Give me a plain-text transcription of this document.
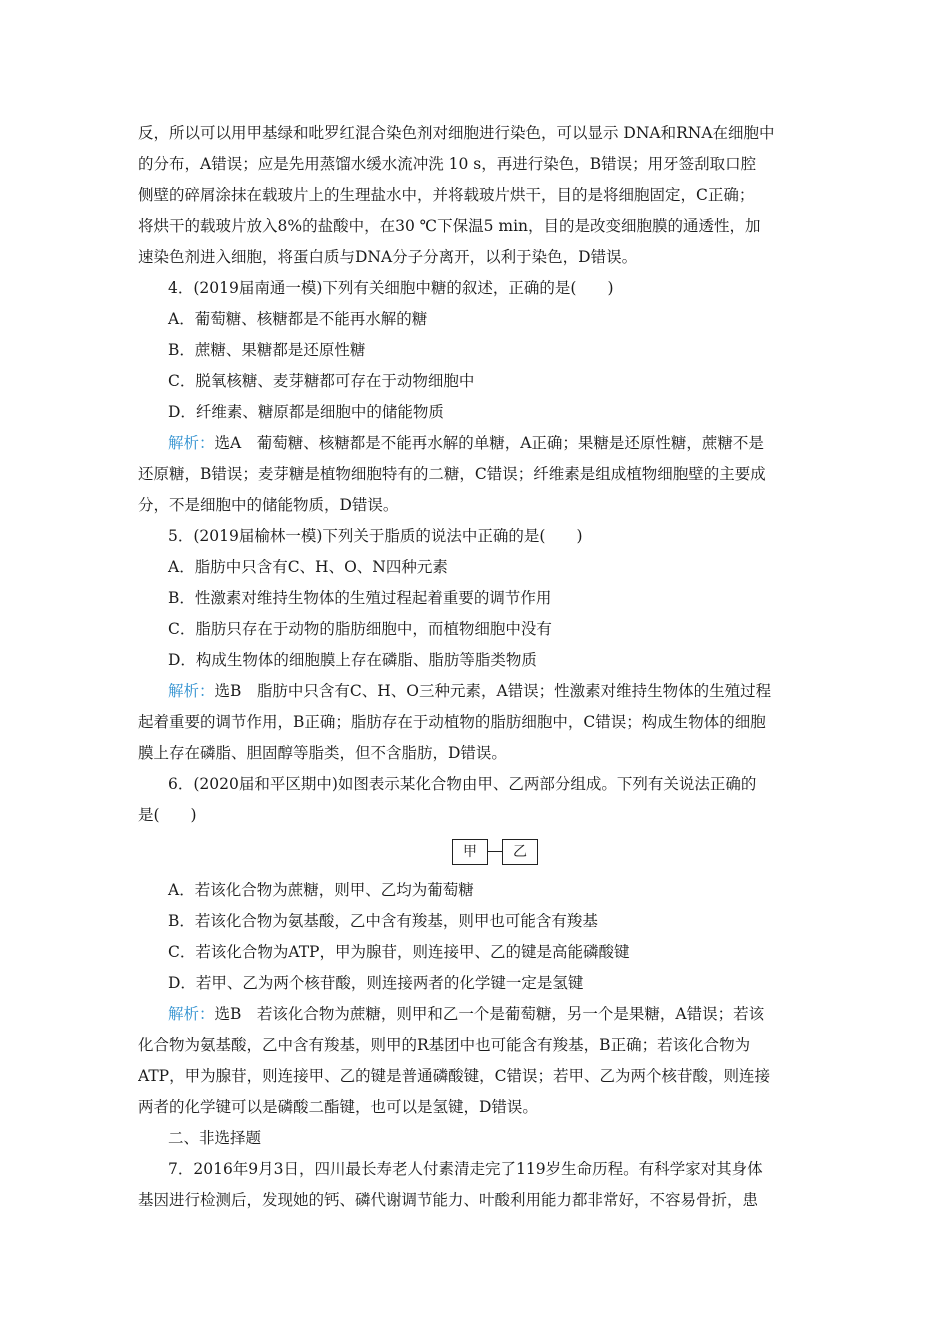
反，所以可以用甲基绿和吡罗红混合染色剂对细胞进行染色，可以显示 DNA和RNA在细胞中
的分布，A错误；应是先用蒸馏水缓水流冲洗 10 s，再进行染色，B错误；用牙签刮取口腔
侧壁的碎屑涂抹在载玻片上的生理盐水中，并将载玻片烘干，目的是将细胞固定，C正确；
将烘干的载玻片放入8%的盐酸中，在30 ℃下保温5 min，目的是改变细胞膜的通透性，加
速染色剂进入细胞，将蛋白质与DNA分子分离开，以利于染色，D错误。
4．(2019届南通一模)下列有关细胞中糖的叙述，正确的是(　　)
A．葡萄糖、核糖都是不能再水解的糖
B．蔗糖、果糖都是还原性糖
C．脱氧核糖、麦芽糖都可存在于动物细胞中
D．纤维素、糖原都是细胞中的储能物质
解析：选A　葡萄糖、核糖都是不能再水解的单糖，A正确；果糖是还原性糖，蔗糖不是
还原糖，B错误；麦芽糖是植物细胞特有的二糖，C错误；纤维素是组成植物细胞壁的主要成
分，不是细胞中的储能物质，D错误。
5．(2019届榆林一模)下列关于脂质的说法中正确的是(　　)
A．脂肪中只含有C、H、O、N四种元素
B．性激素对维持生物体的生殖过程起着重要的调节作用
C．脂肪只存在于动物的脂肪细胞中，而植物细胞中没有
D．构成生物体的细胞膜上存在磷脂、脂肪等脂类物质
解析：选B　脂肪中只含有C、H、O三种元素，A错误；性激素对维持生物体的生殖过程
起着重要的调节作用，B正确；脂肪存在于动植物的脂肪细胞中，C错误；构成生物体的细胞
膜上存在磷脂、胆固醇等脂类，但不含脂肪，D错误。
6．(2020届和平区期中)如图表示某化合物由甲、乙两部分组成。下列有关说法正确的
是(　　)
甲	乙
A．若该化合物为蔗糖，则甲、乙均为葡萄糖
B．若该化合物为氨基酸，乙中含有羧基，则甲也可能含有羧基
C．若该化合物为ATP，甲为腺苷，则连接甲、乙的键是高能磷酸键
D．若甲、乙为两个核苷酸，则连接两者的化学键一定是氢键
解析：选B　若该化合物为蔗糖，则甲和乙一个是葡萄糖，另一个是果糖，A错误；若该
化合物为氨基酸，乙中含有羧基，则甲的R基团中也可能含有羧基，B正确；若该化合物为
ATP，甲为腺苷，则连接甲、乙的键是普通磷酸键，C错误；若甲、乙为两个核苷酸，则连接
两者的化学键可以是磷酸二酯键，也可以是氢键，D错误。
二、非选择题
7．2016年9月3日，四川最长寿老人付素清走完了119岁生命历程。有科学家对其身体
基因进行检测后，发现她的钙、磷代谢调节能力、叶酸利用能力都非常好，不容易骨折，患
